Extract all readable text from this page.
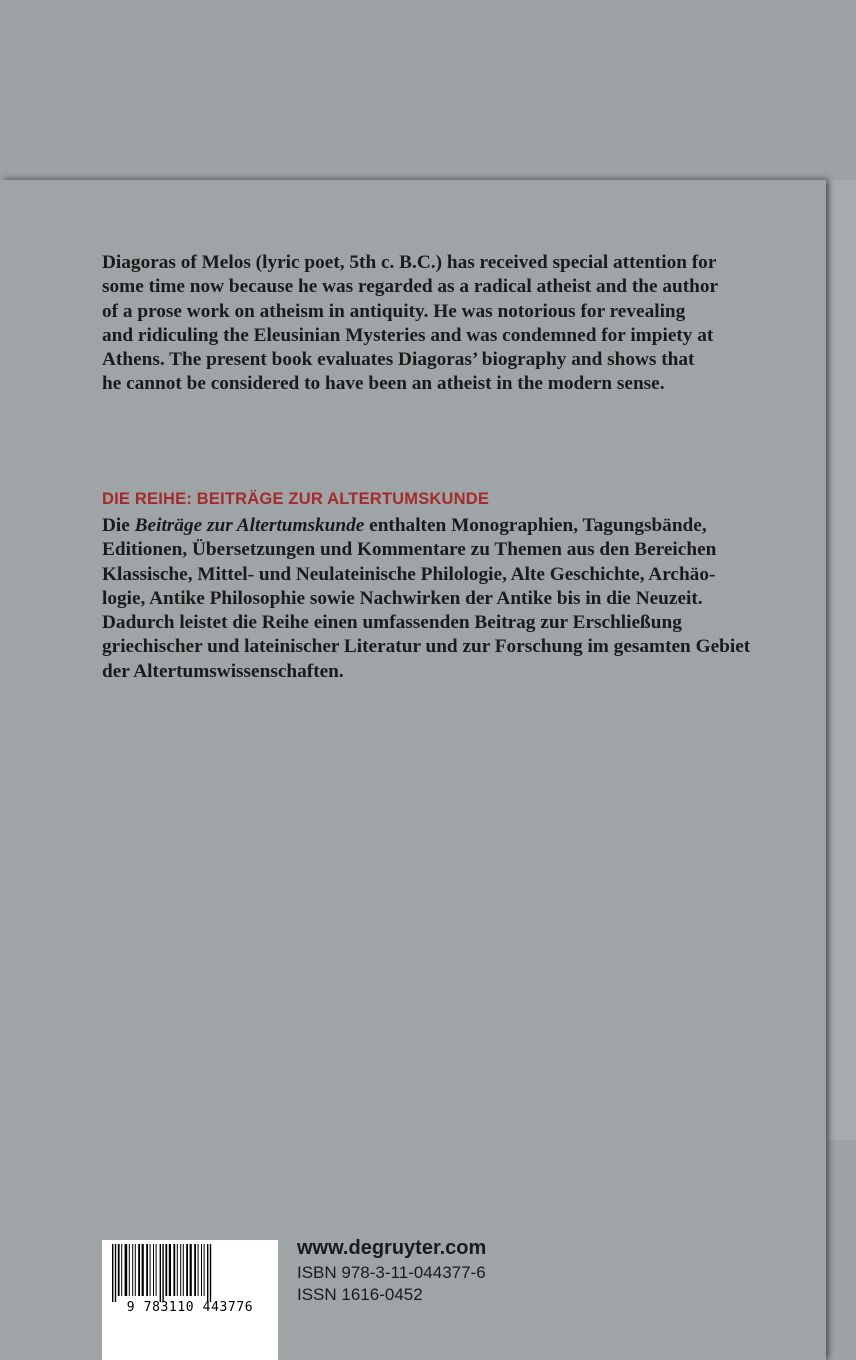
Diagoras of Melos (lyric poet, 5th c. B.C.) has received special attention for
some time now because he was regarded as a radical atheist and the author
of a prose work on atheism in antiquity. He was notorious for revealing
and ridiculing the Eleusinian Mysteries and was condemned for impiety at
Athens. The present book evaluates Diagoras’ biography and shows that
he cannot be considered to have been an atheist in the modern sense.

DIE REIHE: BEITRÄGE ZUR ALTERTUMSKUNDE

Die Beiträge zur Altertumskunde enthalten Monographien, Tagungsbände,
Editionen, Übersetzungen und Kommentare zu Themen aus den Bereichen
Klassische, Mittel- und Neulateinische Philologie, Alte Geschichte, Archäo-
logie, Antike Philosophie sowie Nachwirken der Antike bis in die Neuzeit.
Dadurch leistet die Reihe einen umfassenden Beitrag zur Erschließung
griechischer und lateinischer Literatur und zur Forschung im gesamten Gebiet
der Altertumswissenschaften.

9 783110 443776
www.degruyter.com
ISBN 978-3-11-044377-6
ISSN 1616-0452
